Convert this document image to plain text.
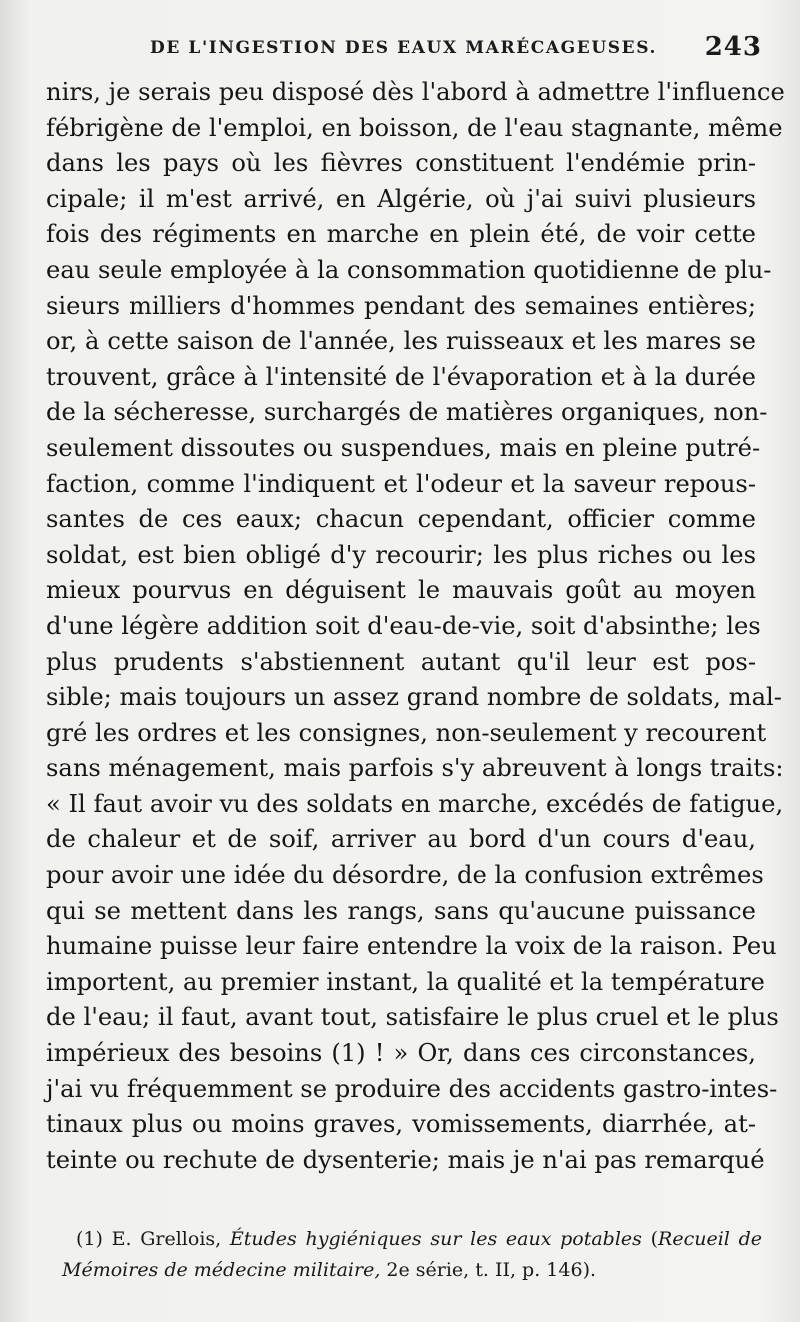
DE L'INGESTION DES EAUX MARÉCAGEUSES. 243
nirs, je serais peu disposé dès l'abord à admettre l'influence
fébrigène de l'emploi, en boisson, de l'eau stagnante, même
dans les pays où les fièvres constituent l'endémie prin-
cipale; il m'est arrivé, en Algérie, où j'ai suivi plusieurs
fois des régiments en marche en plein été, de voir cette
eau seule employée à la consommation quotidienne de plu-
sieurs milliers d'hommes pendant des semaines entières;
or, à cette saison de l'année, les ruisseaux et les mares se
trouvent, grâce à l'intensité de l'évaporation et à la durée
de la sécheresse, surchargés de matières organiques, non-
seulement dissoutes ou suspendues, mais en pleine putré-
faction, comme l'indiquent et l'odeur et la saveur repous-
santes de ces eaux; chacun cependant, officier comme
soldat, est bien obligé d'y recourir; les plus riches ou les
mieux pourvus en déguisent le mauvais goût au moyen
d'une légère addition soit d'eau-de-vie, soit d'absinthe; les
plus prudents s'abstiennent autant qu'il leur est pos-
sible; mais toujours un assez grand nombre de soldats, mal-
gré les ordres et les consignes, non-seulement y recourent
sans ménagement, mais parfois s'y abreuvent à longs traits:
« Il faut avoir vu des soldats en marche, excédés de fatigue,
de chaleur et de soif, arriver au bord d'un cours d'eau,
pour avoir une idée du désordre, de la confusion extrêmes
qui se mettent dans les rangs, sans qu'aucune puissance
humaine puisse leur faire entendre la voix de la raison. Peu
importent, au premier instant, la qualité et la température
de l'eau; il faut, avant tout, satisfaire le plus cruel et le plus
impérieux des besoins (1) ! » Or, dans ces circonstances,
j'ai vu fréquemment se produire des accidents gastro-intes-
tinaux plus ou moins graves, vomissements, diarrhée, at-
teinte ou rechute de dysenterie; mais je n'ai pas remarqué
(1) E. Grellois, Études hygiéniques sur les eaux potables (Recueil de
Mémoires de médecine militaire, 2e série, t. II, p. 146).
